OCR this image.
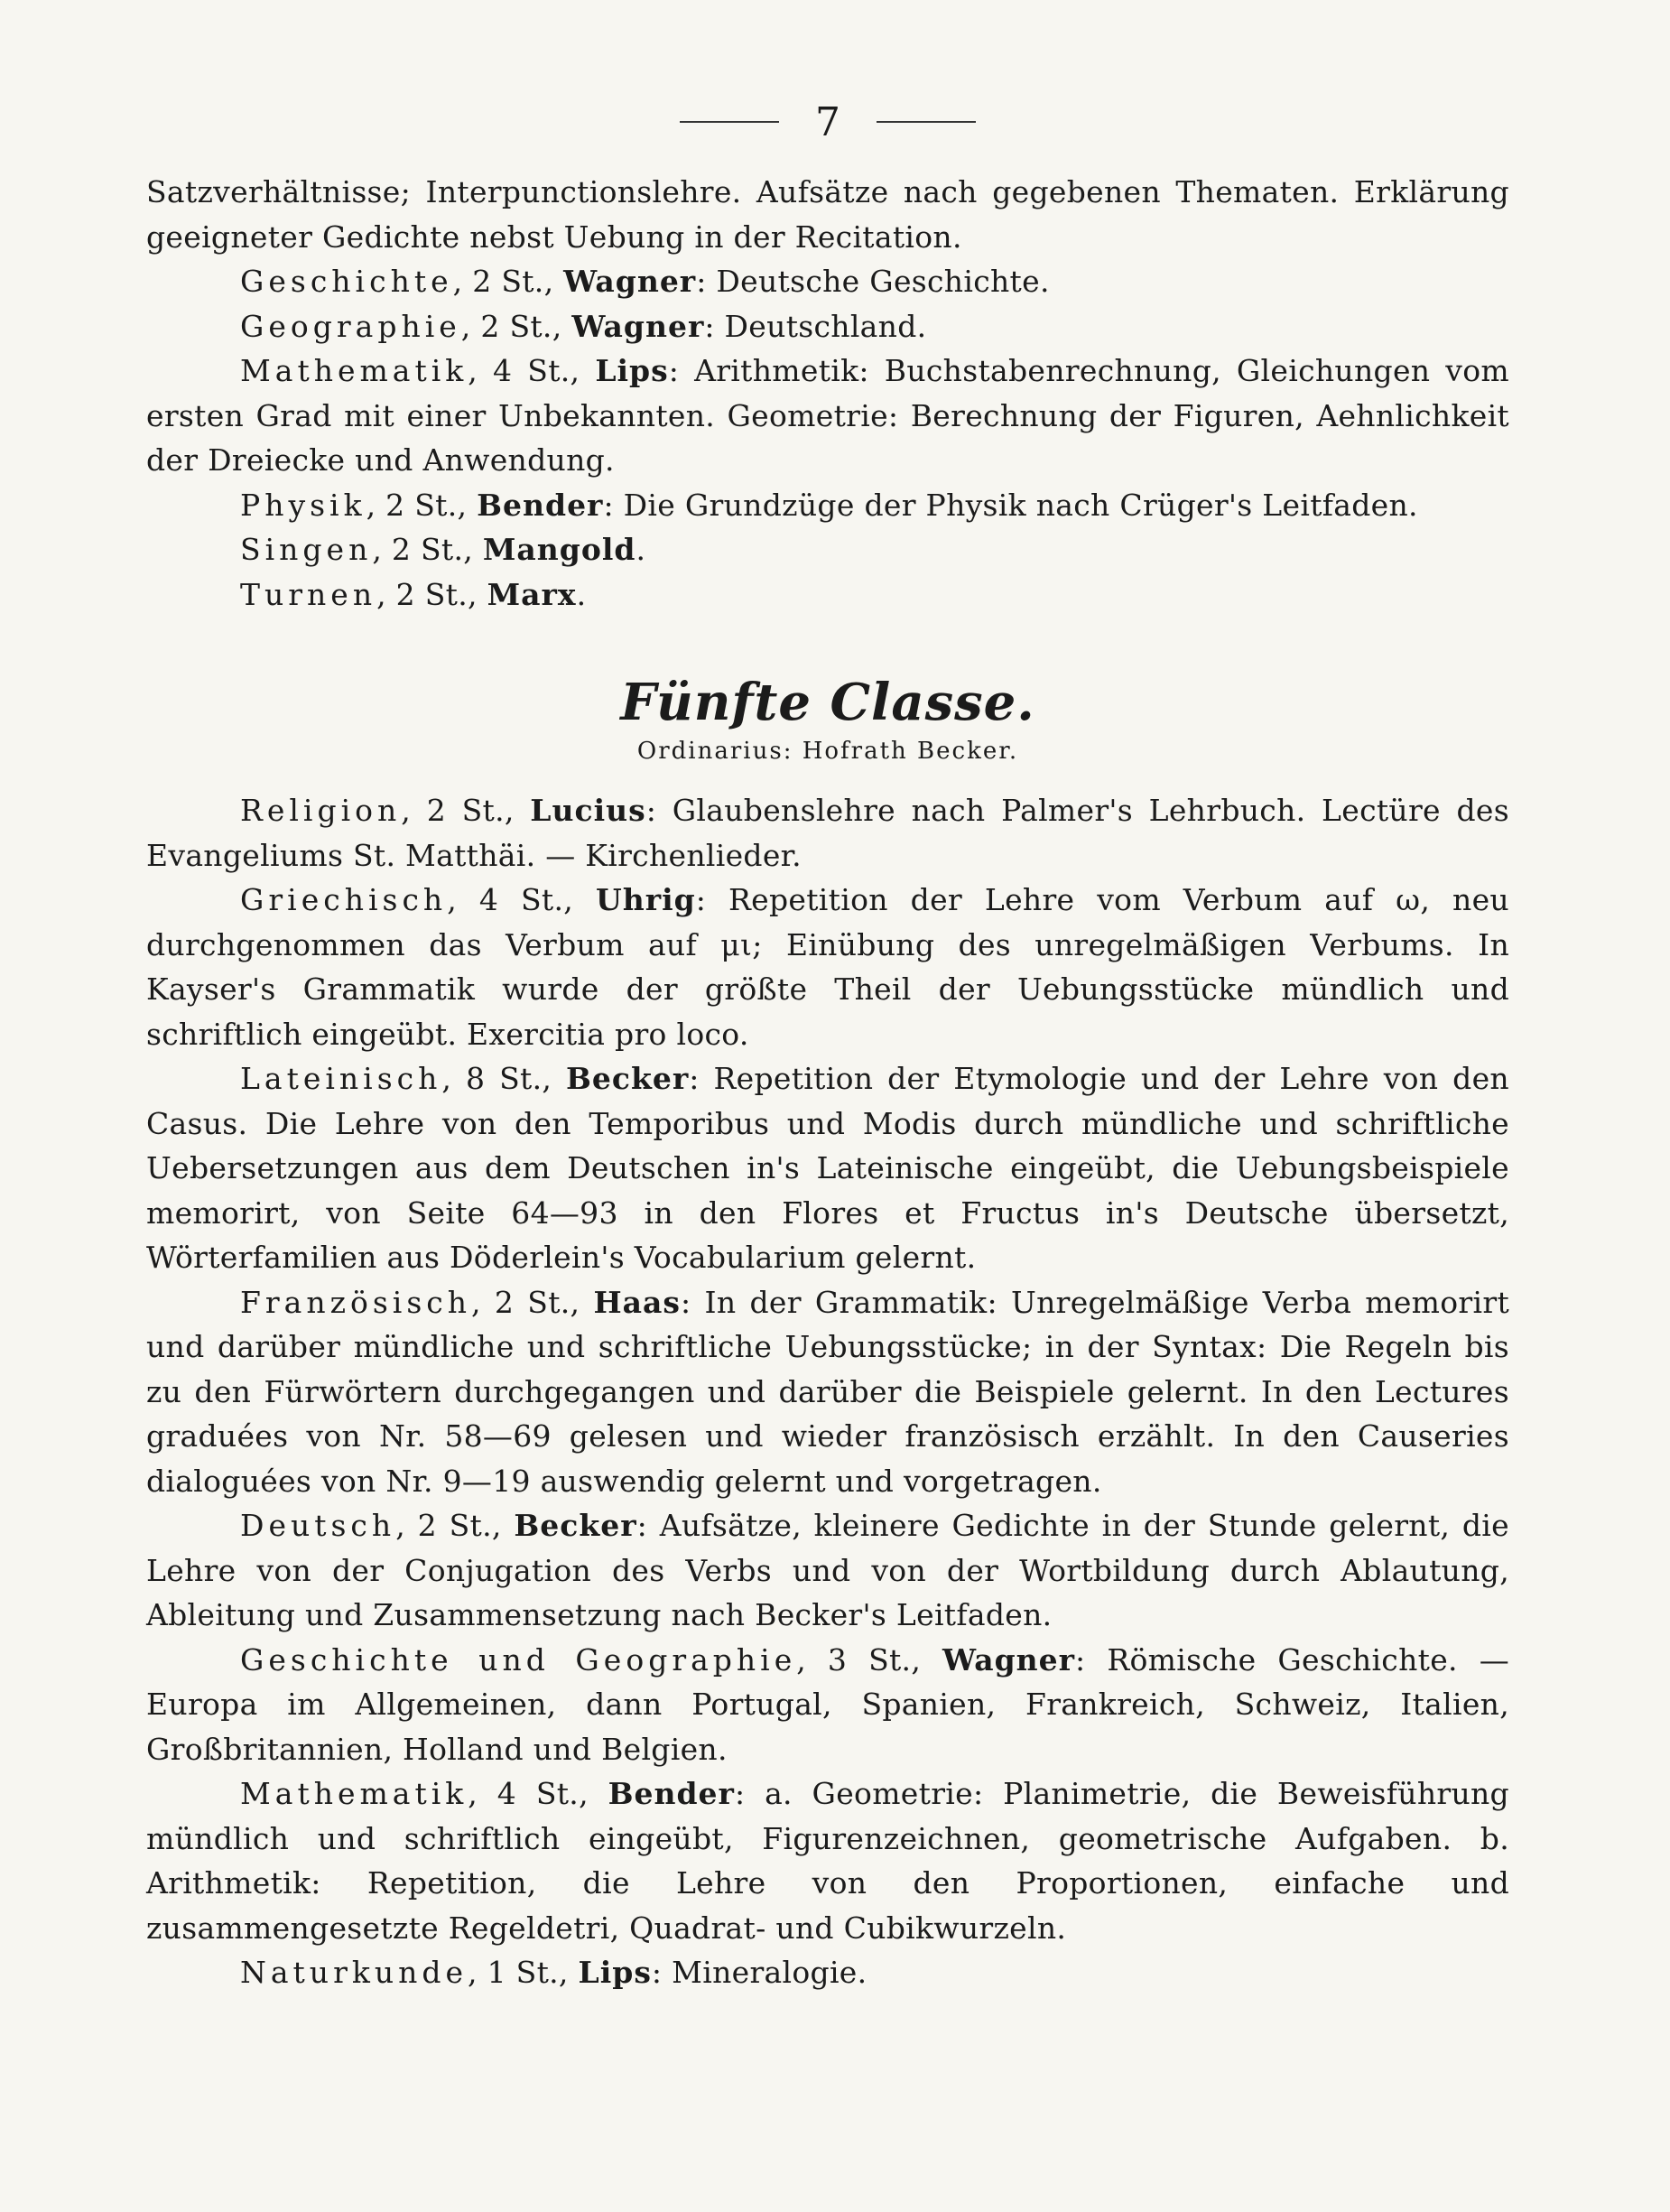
7

Satzverhältnisse; Interpunctionslehre. Aufsätze nach gegebenen Thematen. Erklärung geeigneter Gedichte nebst Uebung in der Recitation.

Geschichte, 2 St., Wagner: Deutsche Geschichte.

Geographie, 2 St., Wagner: Deutschland.

Mathematik, 4 St., Lips: Arithmetik: Buchstabenrechnung, Gleichungen vom ersten Grad mit einer Unbekannten. Geometrie: Berechnung der Figuren, Aehnlichkeit der Dreiecke und Anwendung.

Physik, 2 St., Bender: Die Grundzüge der Physik nach Crüger's Leitfaden.

Singen, 2 St., Mangold.

Turnen, 2 St., Marx.

Fünfte Classe.
Ordinarius: Hofrath Becker.

Religion, 2 St., Lucius: Glaubenslehre nach Palmer's Lehrbuch. Lectüre des Evangeliums St. Matthäi. — Kirchenlieder.

Griechisch, 4 St., Uhrig: Repetition der Lehre vom Verbum auf ω, neu durchgenommen das Verbum auf μι; Einübung des unregelmäßigen Verbums. In Kayser's Grammatik wurde der größte Theil der Uebungsstücke mündlich und schriftlich eingeübt. Exercitia pro loco.

Lateinisch, 8 St., Becker: Repetition der Etymologie und der Lehre von den Casus. Die Lehre von den Temporibus und Modis durch mündliche und schriftliche Uebersetzungen aus dem Deutschen in's Lateinische eingeübt, die Uebungsbeispiele memorirt, von Seite 64—93 in den Flores et Fructus in's Deutsche übersetzt, Wörterfamilien aus Döderlein's Vocabularium gelernt.

Französisch, 2 St., Haas: In der Grammatik: Unregelmäßige Verba memorirt und darüber mündliche und schriftliche Uebungsstücke; in der Syntax: Die Regeln bis zu den Fürwörtern durchgegangen und darüber die Beispiele gelernt. In den Lectures graduées von Nr. 58—69 gelesen und wieder französisch erzählt. In den Causeries dialoguées von Nr. 9—19 auswendig gelernt und vorgetragen.

Deutsch, 2 St., Becker: Aufsätze, kleinere Gedichte in der Stunde gelernt, die Lehre von der Conjugation des Verbs und von der Wortbildung durch Ablautung, Ableitung und Zusammensetzung nach Becker's Leitfaden.

Geschichte und Geographie, 3 St., Wagner: Römische Geschichte. — Europa im Allgemeinen, dann Portugal, Spanien, Frankreich, Schweiz, Italien, Großbritannien, Holland und Belgien.

Mathematik, 4 St., Bender: a. Geometrie: Planimetrie, die Beweisführung mündlich und schriftlich eingeübt, Figurenzeichnen, geometrische Aufgaben. b. Arithmetik: Repetition, die Lehre von den Proportionen, einfache und zusammengesetzte Regeldetri, Quadrat- und Cubikwurzeln.

Naturkunde, 1 St., Lips: Mineralogie.
